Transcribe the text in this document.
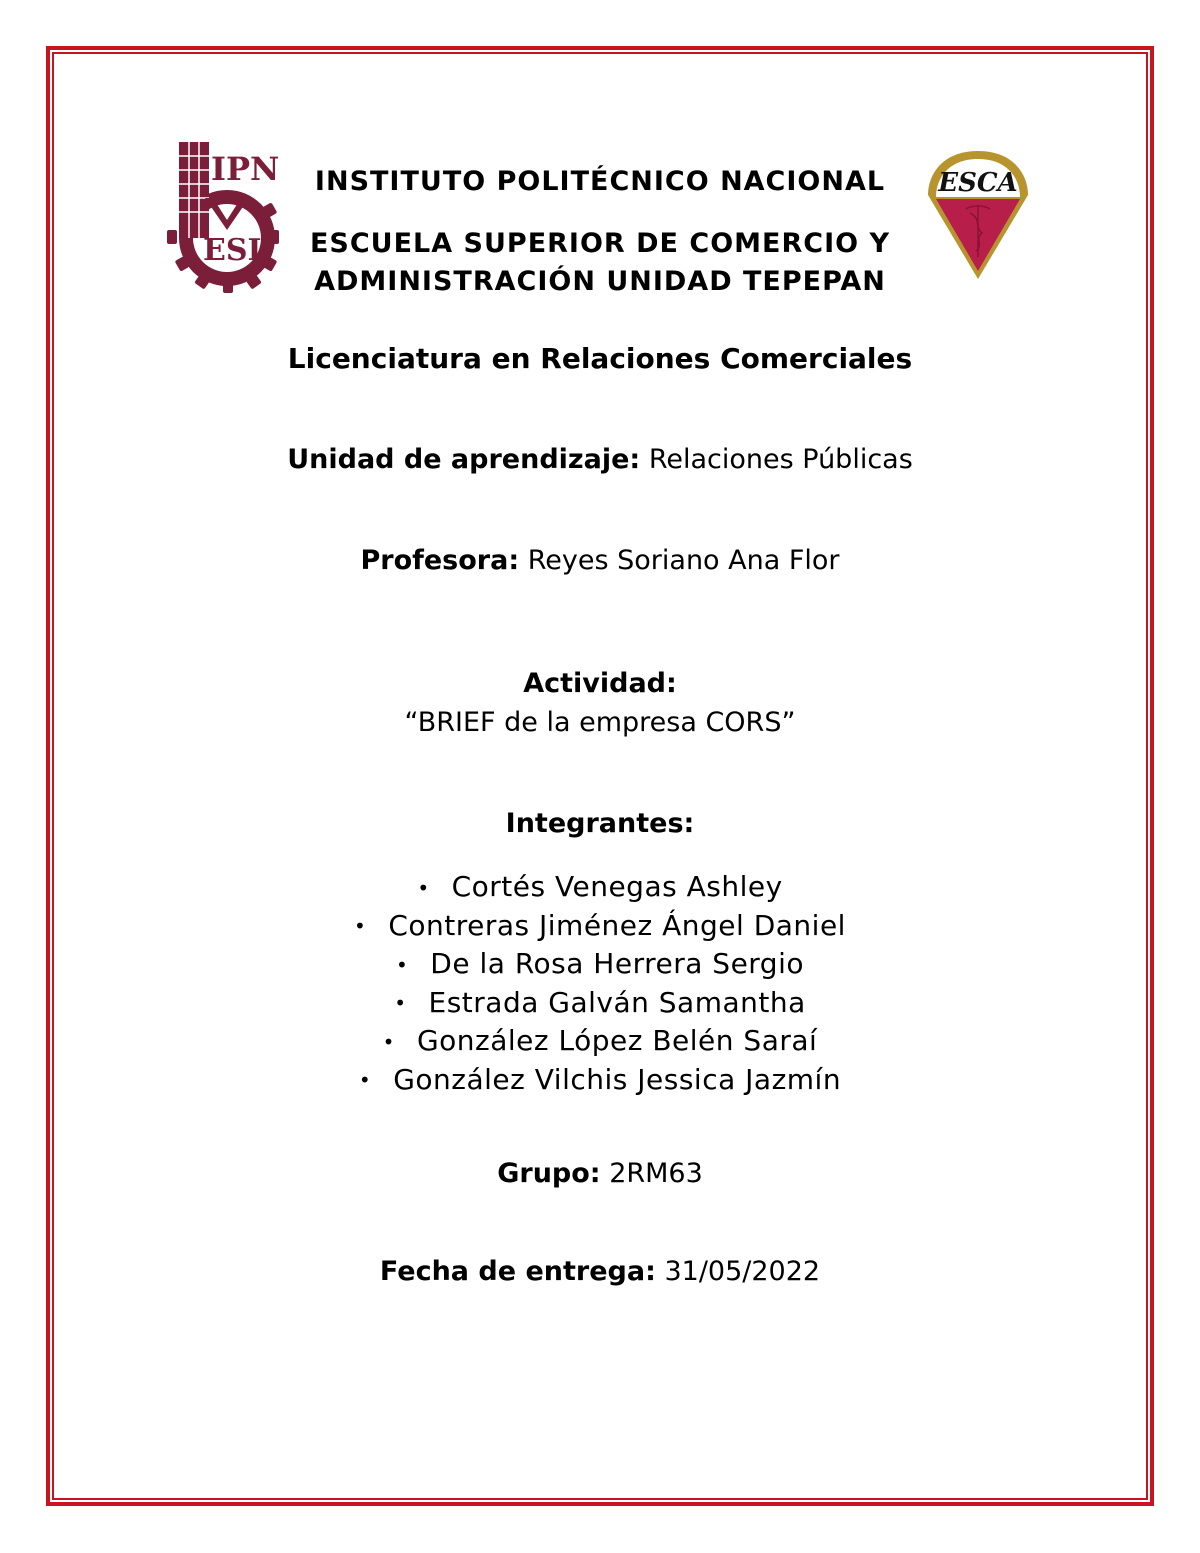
IPN
ESI
ESCA
INSTITUTO POLITÉCNICO NACIONAL
ESCUELA SUPERIOR DE COMERCIO Y
ADMINISTRACIÓN UNIDAD TEPEPAN
Licenciatura en Relaciones Comerciales
Unidad de aprendizaje: Relaciones Públicas
Profesora: Reyes Soriano Ana Flor
Actividad:
“BRIEF de la empresa CORS”
Integrantes:
• Cortés Venegas Ashley
• Contreras Jiménez Ángel Daniel
• De la Rosa Herrera Sergio
• Estrada Galván Samantha
• González López Belén Saraí
• González Vilchis Jessica Jazmín
Grupo: 2RM63
Fecha de entrega: 31/05/2022
